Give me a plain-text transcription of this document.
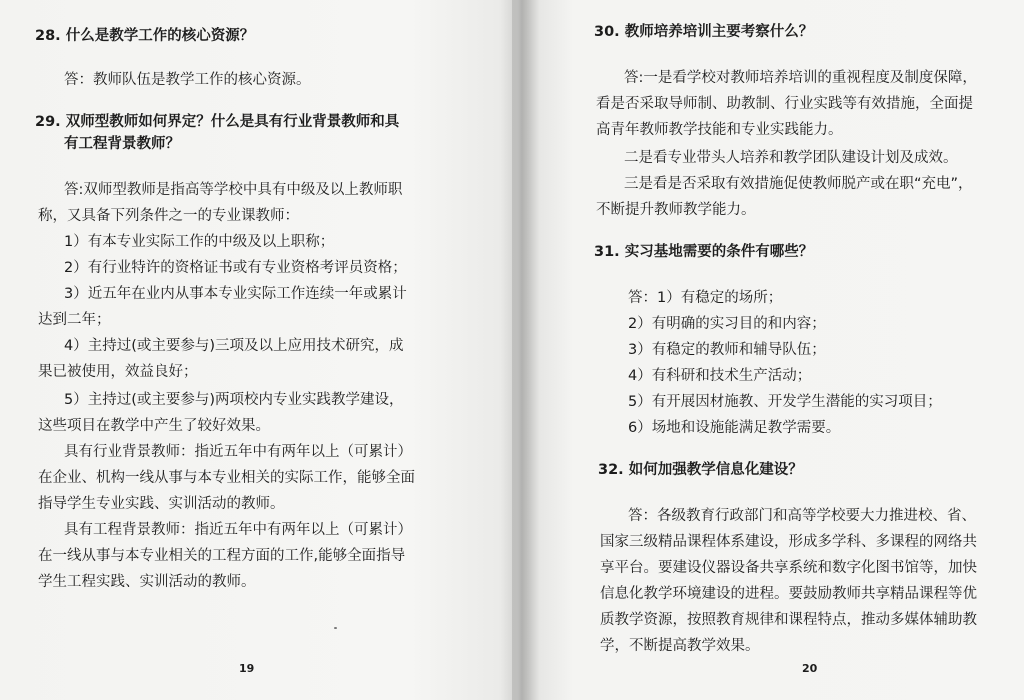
28. 什么是教学工作的核心资源？
答：教师队伍是教学工作的核心资源。
29. 双师型教师如何界定？什么是具有行业背景教师和具
有工程背景教师？
答:双师型教师是指高等学校中具有中级及以上教师职
称，又具备下列条件之一的专业课教师：
1）有本专业实际工作的中级及以上职称；
2）有行业特许的资格证书或有专业资格考评员资格；
3）近五年在业内从事本专业实际工作连续一年或累计
达到二年；
4）主持过(或主要参与)三项及以上应用技术研究，成
果已被使用，效益良好；
5）主持过(或主要参与)两项校内专业实践教学建设，
这些项目在教学中产生了较好效果。
具有行业背景教师：指近五年中有两年以上（可累计）
在企业、机构一线从事与本专业相关的实际工作，能够全面
指导学生专业实践、实训活动的教师。
具有工程背景教师：指近五年中有两年以上（可累计）
在一线从事与本专业相关的工程方面的工作,能够全面指导
学生工程实践、实训活动的教师。
19
30. 教师培养培训主要考察什么？
答:一是看学校对教师培养培训的重视程度及制度保障，
看是否采取导师制、助教制、行业实践等有效措施，全面提
高青年教师教学技能和专业实践能力。
二是看专业带头人培养和教学团队建设计划及成效。
三是看是否采取有效措施促使教师脱产或在职“充电”，
不断提升教师教学能力。
31. 实习基地需要的条件有哪些？
答：1）有稳定的场所；
2）有明确的实习目的和内容；
3）有稳定的教师和辅导队伍；
4）有科研和技术生产活动；
5）有开展因材施教、开发学生潜能的实习项目；
6）场地和设施能满足教学需要。
32. 如何加强教学信息化建设？
答：各级教育行政部门和高等学校要大力推进校、省、
国家三级精品课程体系建设，形成多学科、多课程的网络共
享平台。要建设仪器设备共享系统和数字化图书馆等，加快
信息化教学环境建设的进程。要鼓励教师共享精品课程等优
质教学资源，按照教育规律和课程特点，推动多媒体辅助教
学，不断提高教学效果。
20
